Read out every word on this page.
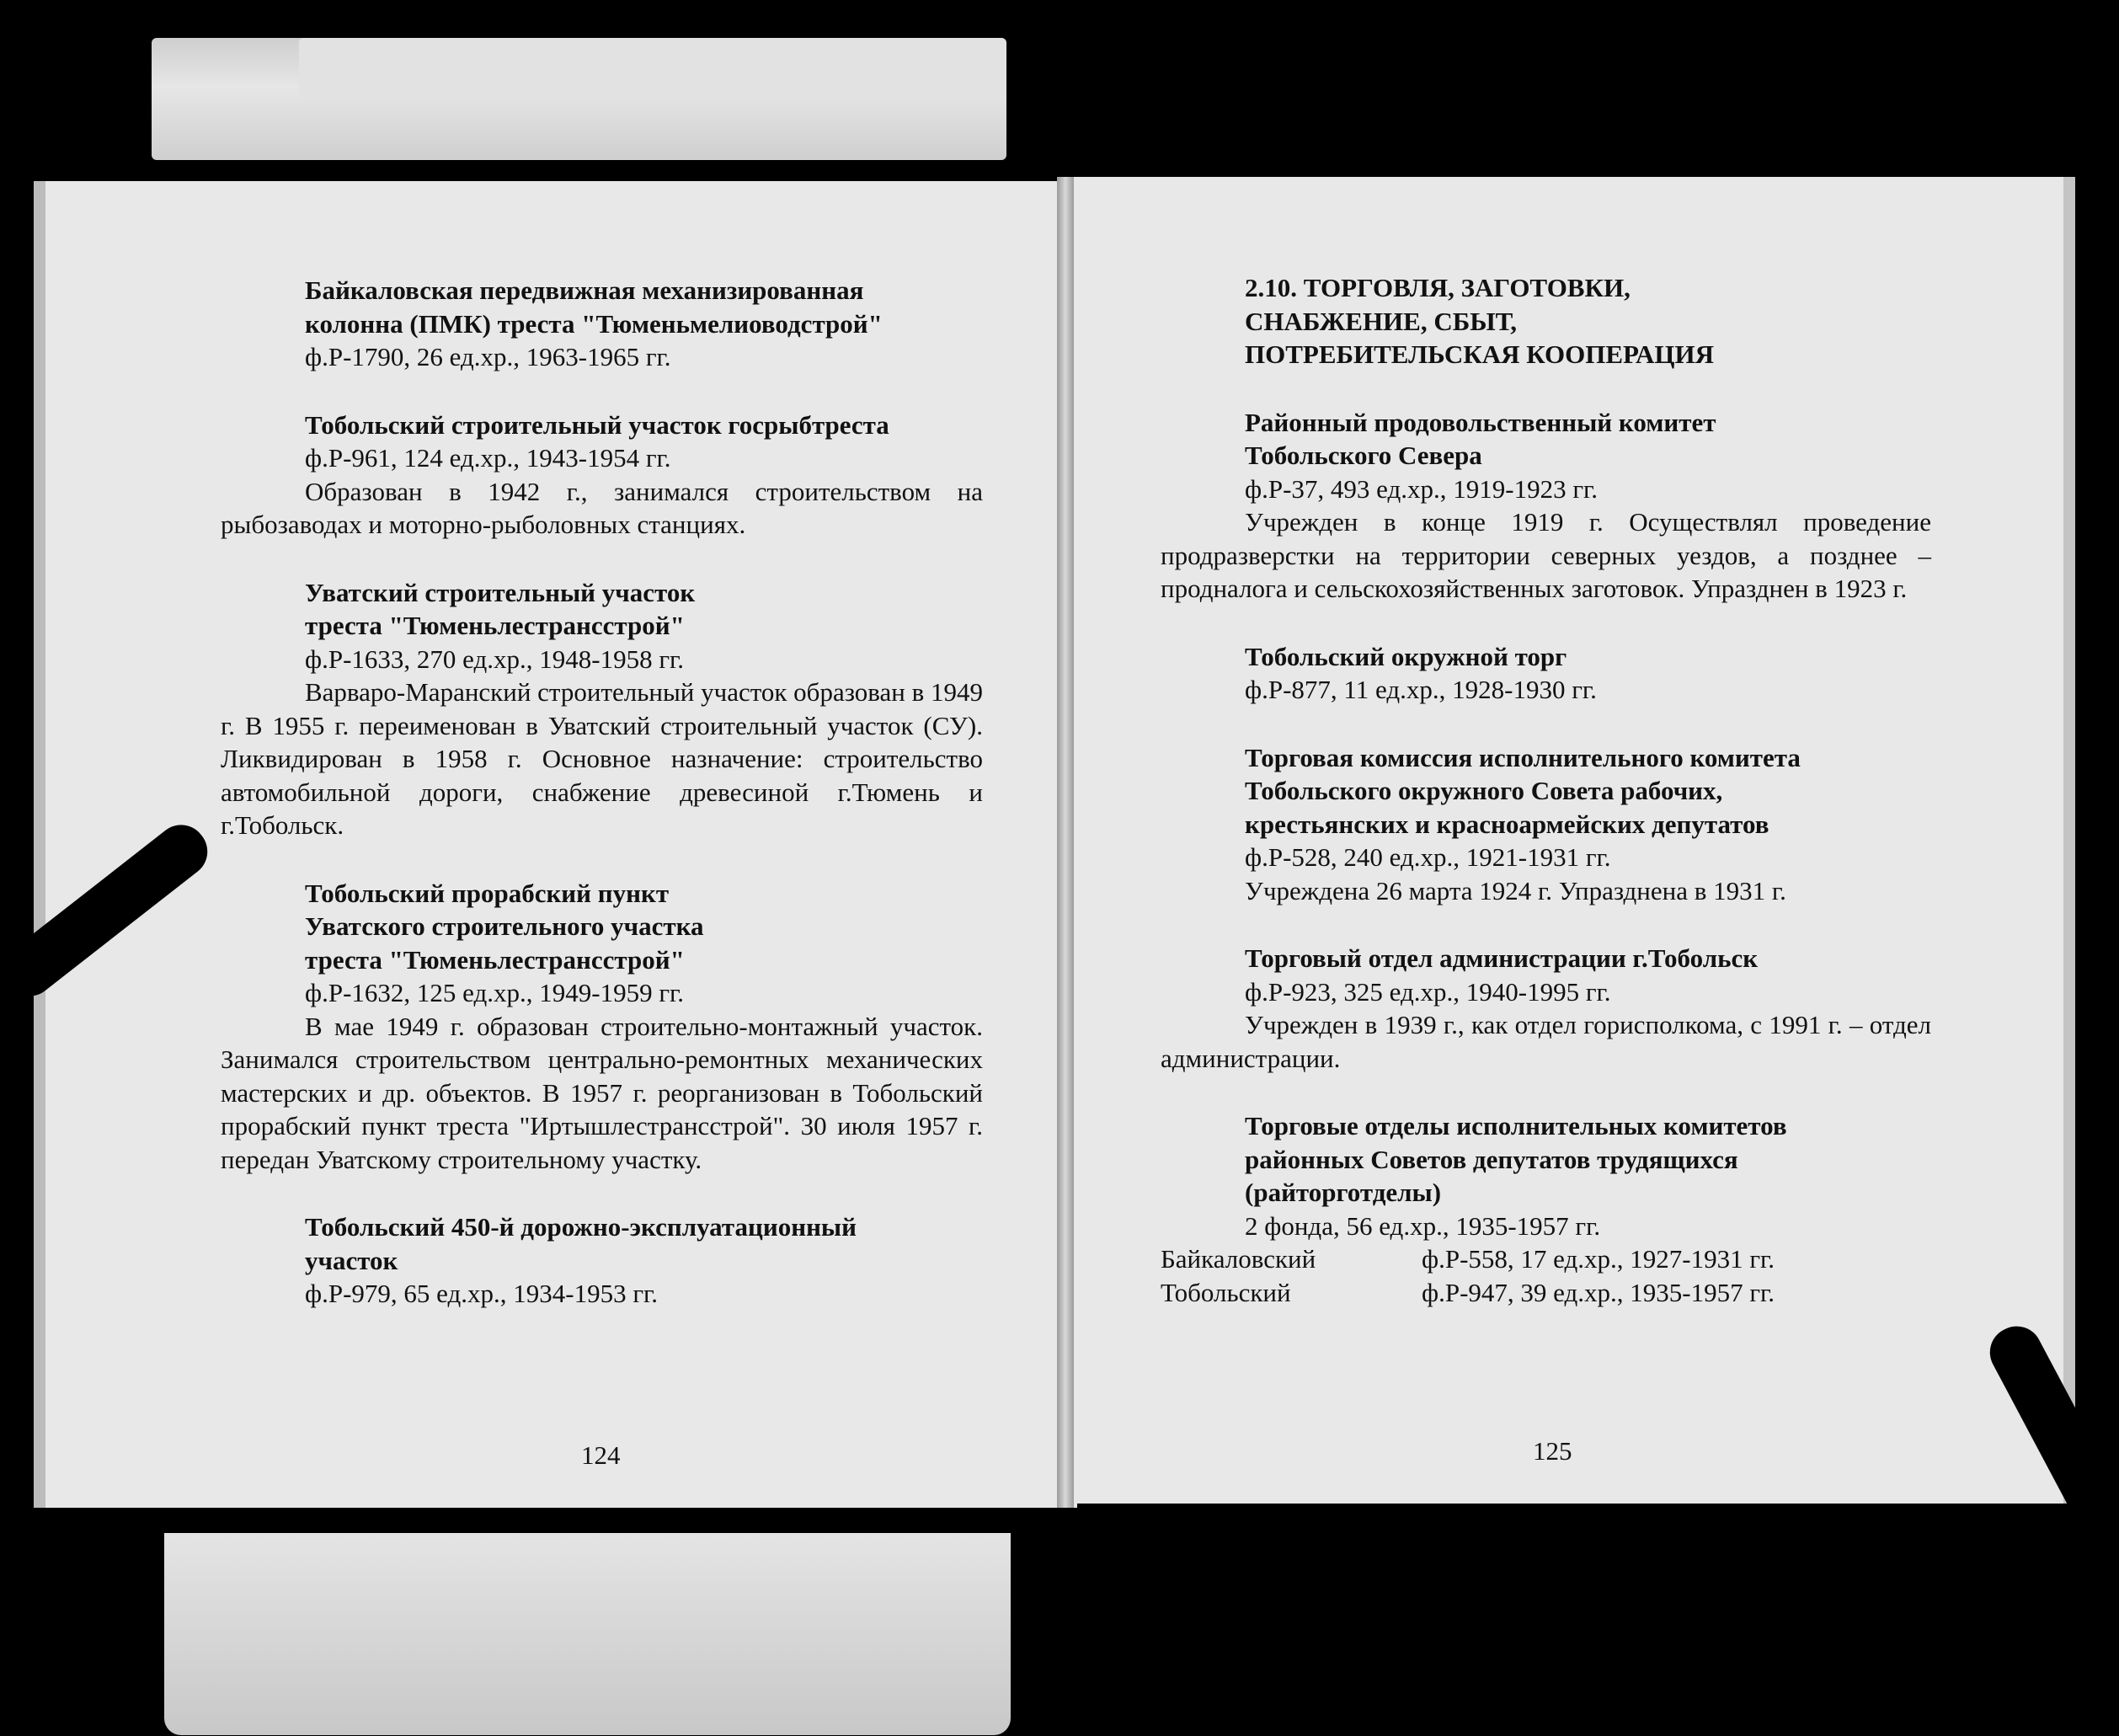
Байкаловская передвижная механизированная

колонна (ПМК) треста "Тюменьмелиоводстрой"

ф.Р-1790, 26 ед.хр., 1963-1965 гг.

Тобольский строительный участок госрыбтреста

ф.Р-961, 124 ед.хр., 1943-1954 гг.

Образован в 1942 г., занимался строительством на рыбозаводах и моторно-рыболовных станциях.

Уватский строительный участок

треста "Тюменьлестрансстрой"

ф.Р-1633, 270 ед.хр., 1948-1958 гг.

Варваро-Маранский строительный участок образован в 1949 г. В 1955 г. переименован в Уватский строительный участок (СУ). Ликвидирован в 1958 г. Основное назначение: строительство автомобильной дороги, снабжение древесиной г.Тюмень и г.Тобольск.

Тобольский прорабский пункт

Уватского строительного участка

треста "Тюменьлестрансстрой"

ф.Р-1632, 125 ед.хр., 1949-1959 гг.

В мае 1949 г. образован строительно-монтажный участок. Занимался строительством центрально-ремонтных механических мастерских и др. объектов. В 1957 г. реорганизован в Тобольский прорабский пункт треста "Иртышлестрансстрой". 30 июля 1957 г. передан Уватскому строительному участку.

Тобольский 450-й дорожно-эксплуатационный

участок

ф.Р-979, 65 ед.хр., 1934-1953 гг.

124

2.10. ТОРГОВЛЯ, ЗАГОТОВКИ,

СНАБЖЕНИЕ, СБЫТ,

ПОТРЕБИТЕЛЬСКАЯ КООПЕРАЦИЯ

Районный продовольственный комитет

Тобольского Севера

ф.Р-37, 493 ед.хр., 1919-1923 гг.

Учрежден в конце 1919 г. Осуществлял проведение продразверстки на территории северных уездов, а позднее – продналога и сельскохозяйственных заготовок. Упразднен в 1923 г.

Тобольский окружной торг

ф.Р-877, 11 ед.хр., 1928-1930 гг.

Торговая комиссия исполнительного комитета

Тобольского окружного Совета рабочих,

крестьянских и красноармейских депутатов

ф.Р-528, 240 ед.хр., 1921-1931 гг.

Учреждена 26 марта 1924 г. Упразднена в 1931 г.

Торговый отдел администрации г.Тобольск

ф.Р-923, 325 ед.хр., 1940-1995 гг.

Учрежден в 1939 г., как отдел горисполкома, с 1991 г. – отдел администрации.

Торговые отделы исполнительных комитетов

районных Советов депутатов трудящихся

(райторготделы)

2 фонда, 56 ед.хр., 1935-1957 гг.

Байкаловский	ф.Р-558, 17 ед.хр., 1927-1931 гг.
Тобольский	ф.Р-947, 39 ед.хр., 1935-1957 гг.
125
